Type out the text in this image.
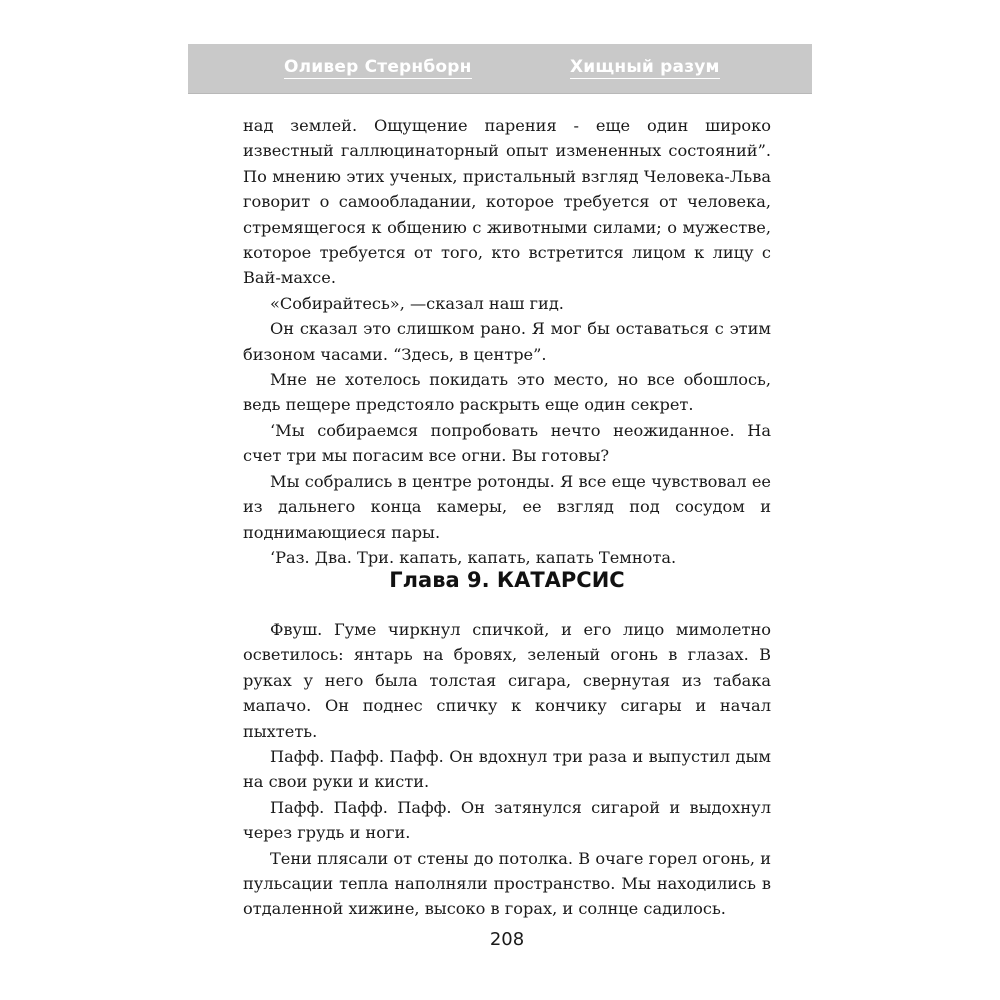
Оливер Стернборн	Хищный разум

над землей. Ощущение парения - еще один широко известный галлюцинаторный опыт измененных состояний”. По мнению этих ученых, пристальный взгляд Человека-Льва говорит о самообладании, которое требуется от человека, стремящегося к общению с животными силами; о мужестве, которое требуется от того, кто встретится лицом к лицу с Вай-махсе.

«Собирайтесь», —сказал наш гид.

Он сказал это слишком рано. Я мог бы оставаться с этим бизоном часами. “Здесь, в центре”.

Мне не хотелось покидать это место, но все обошлось, ведь пещере предстояло раскрыть еще один секрет.

‘Мы собираемся попробовать нечто неожиданное. На счет три мы погасим все огни. Вы готовы?

Мы собрались в центре ротонды. Я все еще чувствовал ее из дальнего конца камеры, ее взгляд под сосудом и поднимающиеся пары.

‘Раз. Два. Три. капать, капать, капать Темнота.

Глава 9. КАТАРСИС

Фвуш. Гуме чиркнул спичкой, и его лицо мимолетно осветилось: янтарь на бровях, зеленый огонь в глазах. В руках у него была толстая сигара, свернутая из табака мапачо. Он поднес спичку к кончику сигары и начал пыхтеть.

Пафф. Пафф. Пафф. Он вдохнул три раза и выпустил дым на свои руки и кисти.

Пафф. Пафф. Пафф. Он затянулся сигарой и выдохнул через грудь и ноги.

Тени плясали от стены до потолка. В очаге горел огонь, и пульсации тепла наполняли пространство. Мы находились в отдаленной хижине, высоко в горах, и солнце садилось.

208
